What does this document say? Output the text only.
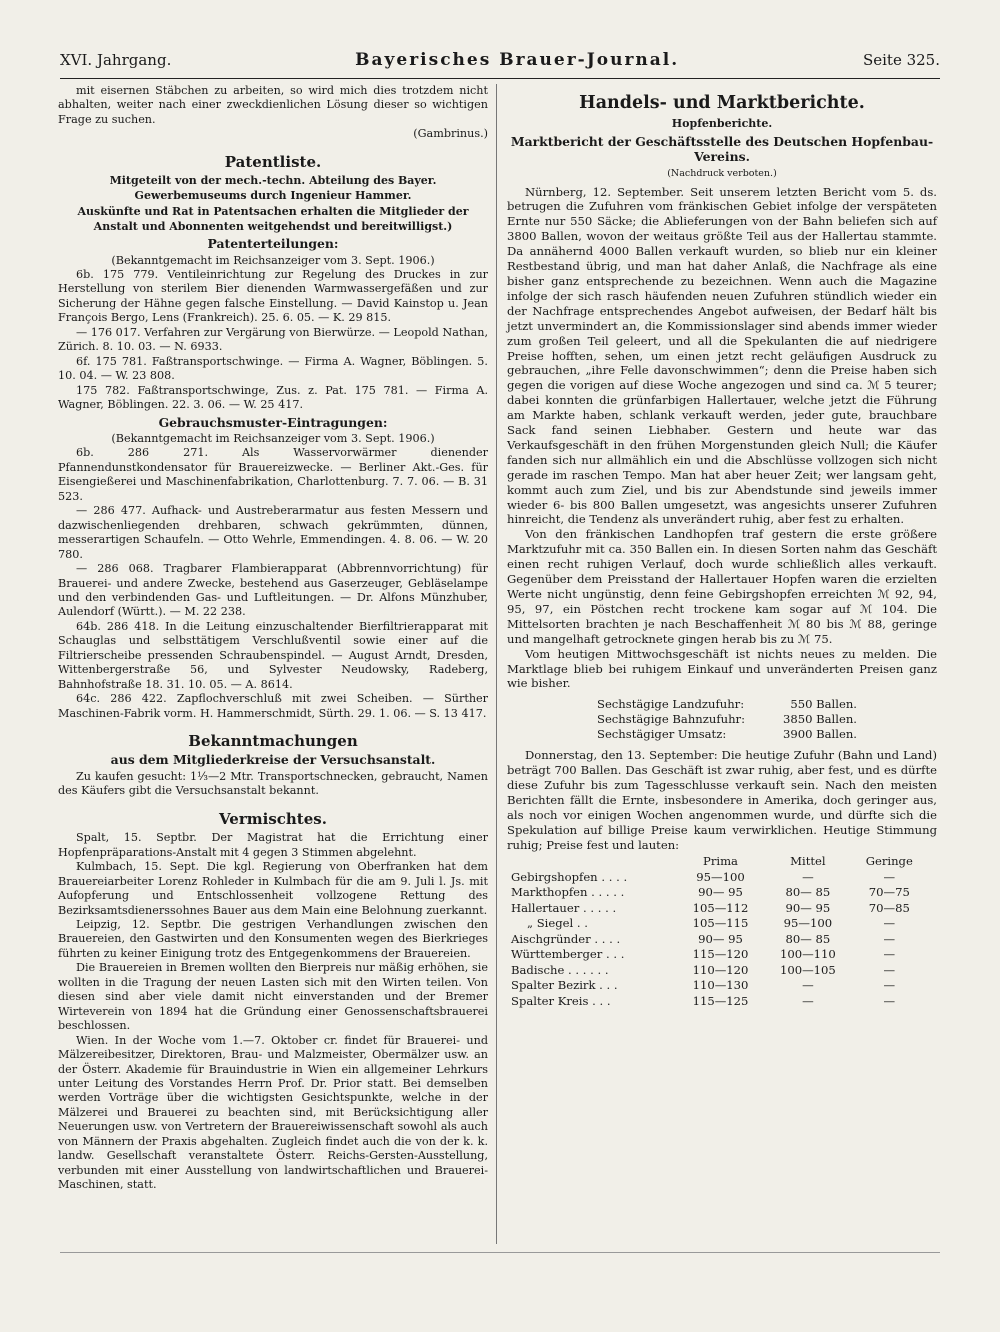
XVI. Jahrgang.	Bayerisches Brauer-Journal.	Seite 325.

mit eisernen Stäbchen zu arbeiten, so wird mich dies trotzdem nicht abhalten, weiter nach einer zweckdienlichen Lösung dieser so wichtigen Frage zu suchen.

(Gambrinus.)

Patentliste.

Mitgeteilt von der mech.-techn. Abteilung des Bayer. Gewerbemuseums durch Ingenieur Hammer.

Auskünfte und Rat in Patentsachen erhalten die Mitglieder der Anstalt und Abonnenten weitgehendst und bereitwilligst.)

Patenterteilungen:

(Bekanntgemacht im Reichsanzeiger vom 3. Sept. 1906.)

6b. 175 779. Ventileinrichtung zur Regelung des Druckes in zur Herstellung von sterilem Bier dienenden Warmwassergefäßen und zur Sicherung der Hähne gegen falsche Einstellung. — David Kainstop u. Jean François Bergo, Lens (Frankreich). 25. 6. 05. — K. 29 815.

— 176 017. Verfahren zur Vergärung von Bierwürze. — Leopold Nathan, Zürich. 8. 10. 03. — N. 6933.

6f. 175 781. Faßtransportschwinge. — Firma A. Wagner, Böblingen. 5. 10. 04. — W. 23 808.

175 782. Faßtransportschwinge, Zus. z. Pat. 175 781. — Firma A. Wagner, Böblingen. 22. 3. 06. — W. 25 417.

Gebrauchsmuster-Eintragungen:

(Bekanntgemacht im Reichsanzeiger vom 3. Sept. 1906.)

6b. 286 271. Als Wasservorwärmer dienender Pfannendunstkondensator für Brauereizwecke. — Berliner Akt.-Ges. für Eisengießerei und Maschinenfabrikation, Charlottenburg. 7. 7. 06. — B. 31 523.

— 286 477. Aufhack- und Austreberarmatur aus festen Messern und dazwischenliegenden drehbaren, schwach gekrümmten, dünnen, messerartigen Schaufeln. — Otto Wehrle, Emmendingen. 4. 8. 06. — W. 20 780.

— 286 068. Tragbarer Flambierapparat (Abbrennvorrichtung) für Brauerei- und andere Zwecke, bestehend aus Gaserzeuger, Gebläselampe und den verbindenden Gas- und Luftleitungen. — Dr. Alfons Münzhuber, Aulendorf (Württ.). — M. 22 238.

64b. 286 418. In die Leitung einzuschaltender Bierfiltrierapparat mit Schauglas und selbsttätigem Verschlußventil sowie einer auf die Filtrierscheibe pressenden Schraubenspindel. — August Arndt, Dresden, Wittenbergerstraße 56, und Sylvester Neudowsky, Radeberg, Bahnhofstraße 18. 31. 10. 05. — A. 8614.

64c. 286 422. Zapflochverschluß mit zwei Scheiben. — Sürther Maschinen-Fabrik vorm. H. Hammerschmidt, Sürth. 29. 1. 06. — S. 13 417.

Bekanntmachungen
aus dem Mitgliederkreise der Versuchsanstalt.

Zu kaufen gesucht: 1⅓—2 Mtr. Transportschnecken, gebraucht, Namen des Käufers gibt die Versuchsanstalt bekannt.

Vermischtes.

Spalt, 15. Septbr. Der Magistrat hat die Errichtung einer Hopfenpräparations-Anstalt mit 4 gegen 3 Stimmen abgelehnt.

Kulmbach, 15. Sept. Die kgl. Regierung von Oberfranken hat dem Brauereiarbeiter Lorenz Rohleder in Kulmbach für die am 9. Juli l. Js. mit Aufopferung und Entschlossenheit vollzogene Rettung des Bezirksamtsdienerssohnes Bauer aus dem Main eine Belohnung zuerkannt.

Leipzig, 12. Septbr. Die gestrigen Verhandlungen zwischen den Brauereien, den Gastwirten und den Konsumenten wegen des Bierkrieges führten zu keiner Einigung trotz des Entgegenkommens der Brauereien.

Die Brauereien in Bremen wollten den Bierpreis nur mäßig erhöhen, sie wollten in die Tragung der neuen Lasten sich mit den Wirten teilen. Von diesen sind aber viele damit nicht einverstanden und der Bremer Wirteverein von 1894 hat die Gründung einer Genossenschaftsbrauerei beschlossen.

Wien. In der Woche vom 1.—7. Oktober cr. findet für Brauerei- und Mälzereibesitzer, Direktoren, Brau- und Malzmeister, Obermälzer usw. an der Österr. Akademie für Brauindustrie in Wien ein allgemeiner Lehrkurs unter Leitung des Vorstandes Herrn Prof. Dr. Prior statt. Bei demselben werden Vorträge über die wichtigsten Gesichtspunkte, welche in der Mälzerei und Brauerei zu beachten sind, mit Berücksichtigung aller Neuerungen usw. von Vertretern der Brauereiwissenschaft sowohl als auch von Männern der Praxis abgehalten. Zugleich findet auch die von der k. k. landw. Gesellschaft veranstaltete Österr. Reichs-Gersten-Ausstellung, verbunden mit einer Ausstellung von landwirtschaftlichen und Brauerei-Maschinen, statt.

Handels- und Marktberichte.
Hopfenberichte.
Marktbericht der Geschäftsstelle des Deutschen Hopfenbau-Vereins.

(Nachdruck verboten.)

Nürnberg, 12. September. Seit unserem letzten Bericht vom 5. ds. betrugen die Zufuhren vom fränkischen Gebiet infolge der verspäteten Ernte nur 550 Säcke; die Ablieferungen von der Bahn beliefen sich auf 3800 Ballen, wovon der weitaus größte Teil aus der Hallertau stammte. Da annähernd 4000 Ballen verkauft wurden, so blieb nur ein kleiner Restbestand übrig, und man hat daher Anlaß, die Nachfrage als eine bisher ganz entsprechende zu bezeichnen. Wenn auch die Magazine infolge der sich rasch häufenden neuen Zufuhren stündlich wieder ein der Nachfrage entsprechendes Angebot aufweisen, der Bedarf hält bis jetzt unvermindert an, die Kommissionslager sind abends immer wieder zum großen Teil geleert, und all die Spekulanten die auf niedrigere Preise hofften, sehen, um einen jetzt recht geläufigen Ausdruck zu gebrauchen, „ihre Felle davonschwimmen“; denn die Preise haben sich gegen die vorigen auf diese Woche angezogen und sind ca. ℳ 5 teurer; dabei konnten die grünfarbigen Hallertauer, welche jetzt die Führung am Markte haben, schlank verkauft werden, jeder gute, brauchbare Sack fand seinen Liebhaber. Gestern und heute war das Verkaufsgeschäft in den frühen Morgenstunden gleich Null; die Käufer fanden sich nur allmählich ein und die Abschlüsse vollzogen sich nicht gerade im raschen Tempo. Man hat aber heuer Zeit; wer langsam geht, kommt auch zum Ziel, und bis zur Abendstunde sind jeweils immer wieder 6- bis 800 Ballen umgesetzt, was angesichts unserer Zufuhren hinreicht, die Tendenz als unverändert ruhig, aber fest zu erhalten.

Von den fränkischen Landhopfen traf gestern die erste größere Marktzufuhr mit ca. 350 Ballen ein. In diesen Sorten nahm das Geschäft einen recht ruhigen Verlauf, doch wurde schließlich alles verkauft. Gegenüber dem Preisstand der Hallertauer Hopfen waren die erzielten Werte nicht ungünstig, denn feine Gebirgshopfen erreichten ℳ 92, 94, 95, 97, ein Pöstchen recht trockene kam sogar auf ℳ 104. Die Mittelsorten brachten je nach Beschaffenheit ℳ 80 bis ℳ 88, geringe und mangelhaft getrocknete gingen herab bis zu ℳ 75.

Vom heutigen Mittwochsgeschäft ist nichts neues zu melden. Die Marktlage blieb bei ruhigem Einkauf und unveränderten Preisen ganz wie bisher.

Sechstägige Landzufuhr:	550 Ballen.
Sechstägige Bahnzufuhr:	3850 Ballen.
Sechstägiger Umsatz:	3900 Ballen.

Donnerstag, den 13. September: Die heutige Zufuhr (Bahn und Land) beträgt 700 Ballen. Das Geschäft ist zwar ruhig, aber fest, und es dürfte diese Zufuhr bis zum Tagesschlusse verkauft sein. Nach den meisten Berichten fällt die Ernte, insbesondere in Amerika, doch geringer aus, als noch vor einigen Wochen angenommen wurde, und dürfte sich die Spekulation auf billige Preise kaum verwirklichen. Heutige Stimmung ruhig; Preise fest und lauten:

	Prima	Mittel	Geringe
Gebirgshopfen . . . .	95—100	—	—
Markthopfen . . . . .	90— 95	80— 85	70—75
Hallertauer . . . . .	105—112	90— 95	70—85
„ Siegel . .	105—115	95—100	—
Aischgründer . . . .	90— 95	80— 85	—
Württemberger . . .	115—120	100—110	—
Badische . . . . . .	110—120	100—105	—
Spalter Bezirk . . .	110—130	—	—
Spalter Kreis . . .	115—125	—	—
